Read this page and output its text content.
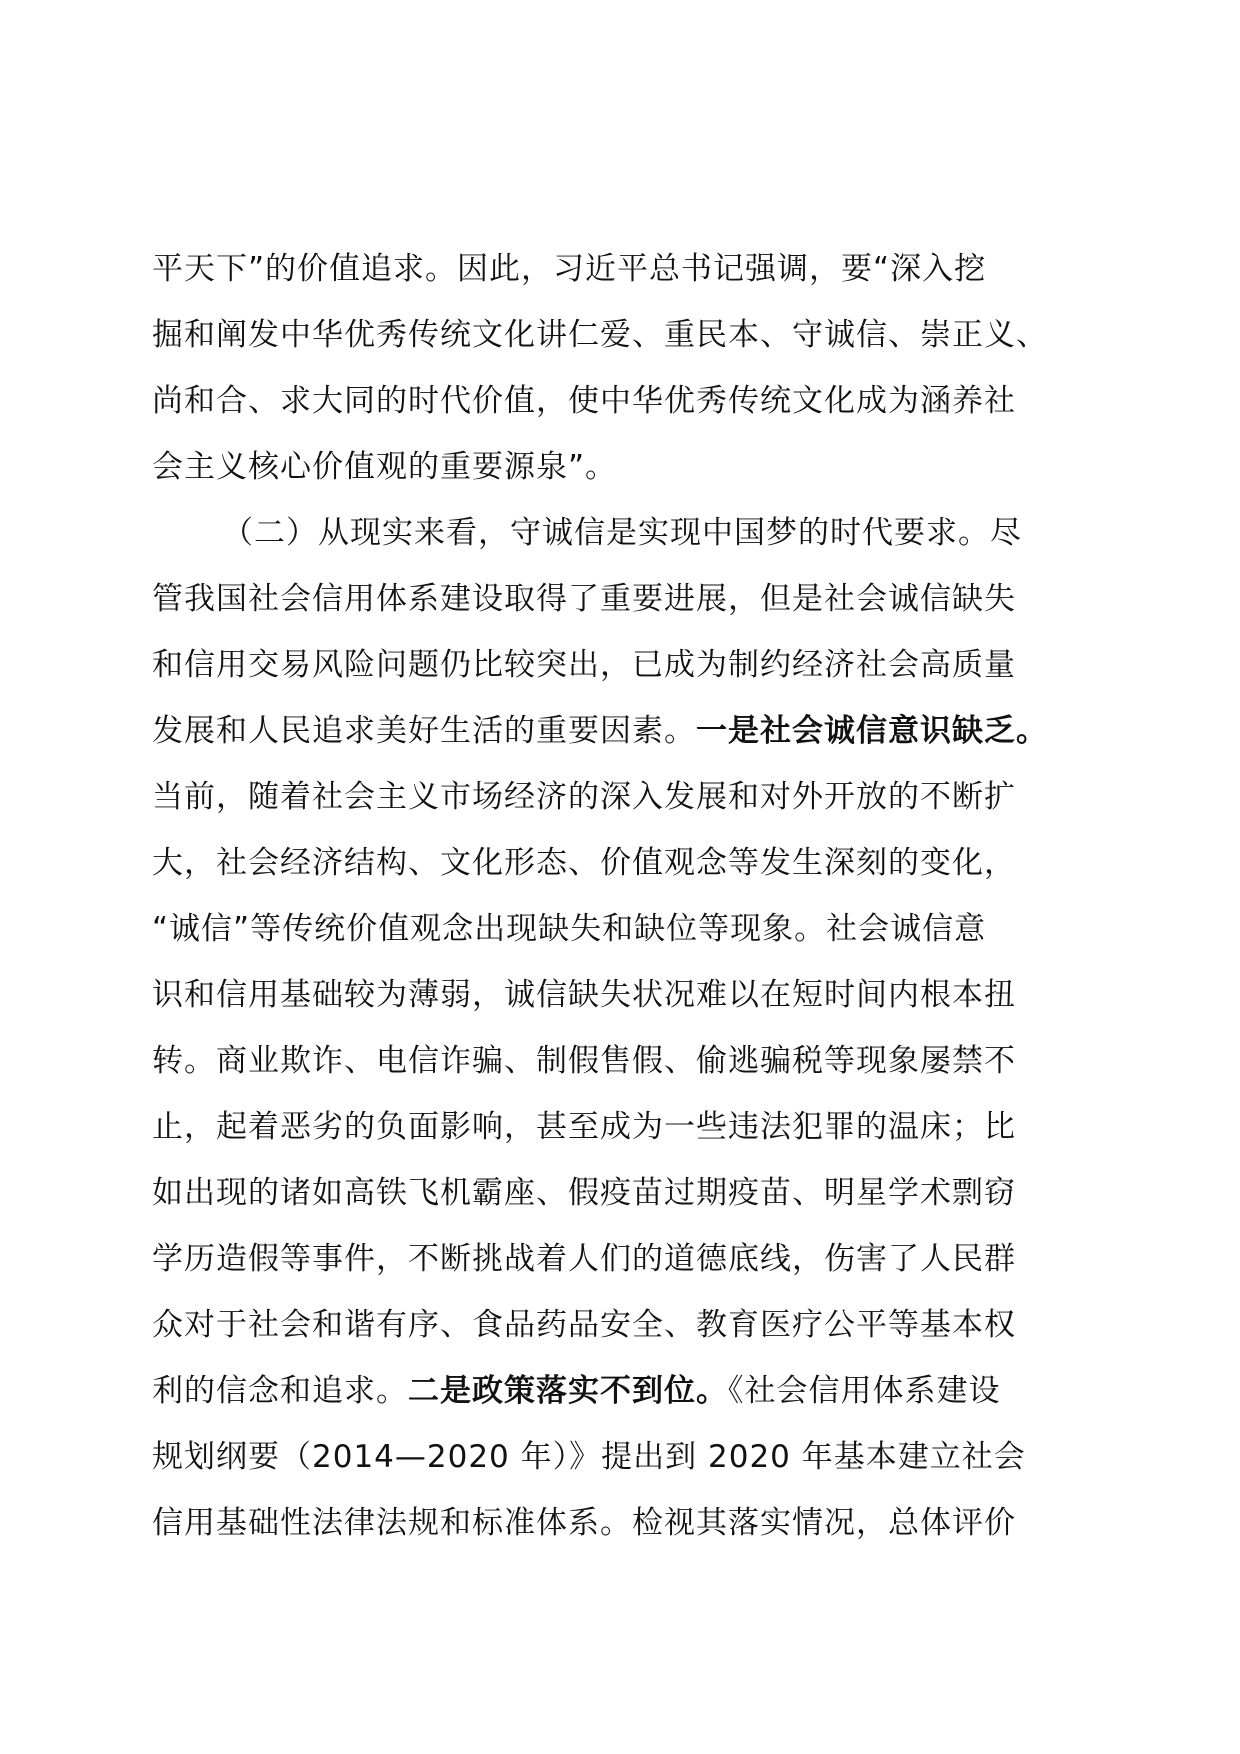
平天下”的价值追求。因此，习近平总书记强调，要“深入挖
掘和阐发中华优秀传统文化讲仁爱、重民本、守诚信、崇正义、
尚和合、求大同的时代价值，使中华优秀传统文化成为涵养社
会主义核心价值观的重要源泉”。
（二）从现实来看，守诚信是实现中国梦的时代要求。尽
管我国社会信用体系建设取得了重要进展，但是社会诚信缺失
和信用交易风险问题仍比较突出，已成为制约经济社会高质量
发展和人民追求美好生活的重要因素。一是社会诚信意识缺乏。
当前，随着社会主义市场经济的深入发展和对外开放的不断扩
大，社会经济结构、文化形态、价值观念等发生深刻的变化，
“诚信”等传统价值观念出现缺失和缺位等现象。社会诚信意
识和信用基础较为薄弱，诚信缺失状况难以在短时间内根本扭
转。商业欺诈、电信诈骗、制假售假、偷逃骗税等现象屡禁不
止，起着恶劣的负面影响，甚至成为一些违法犯罪的温床；比
如出现的诸如高铁飞机霸座、假疫苗过期疫苗、明星学术剽窃
学历造假等事件，不断挑战着人们的道德底线，伤害了人民群
众对于社会和谐有序、食品药品安全、教育医疗公平等基本权
利的信念和追求。二是政策落实不到位。《社会信用体系建设
规划纲要（2014—2020 年）》提出到 2020 年基本建立社会
信用基础性法律法规和标准体系。检视其落实情况，总体评价
